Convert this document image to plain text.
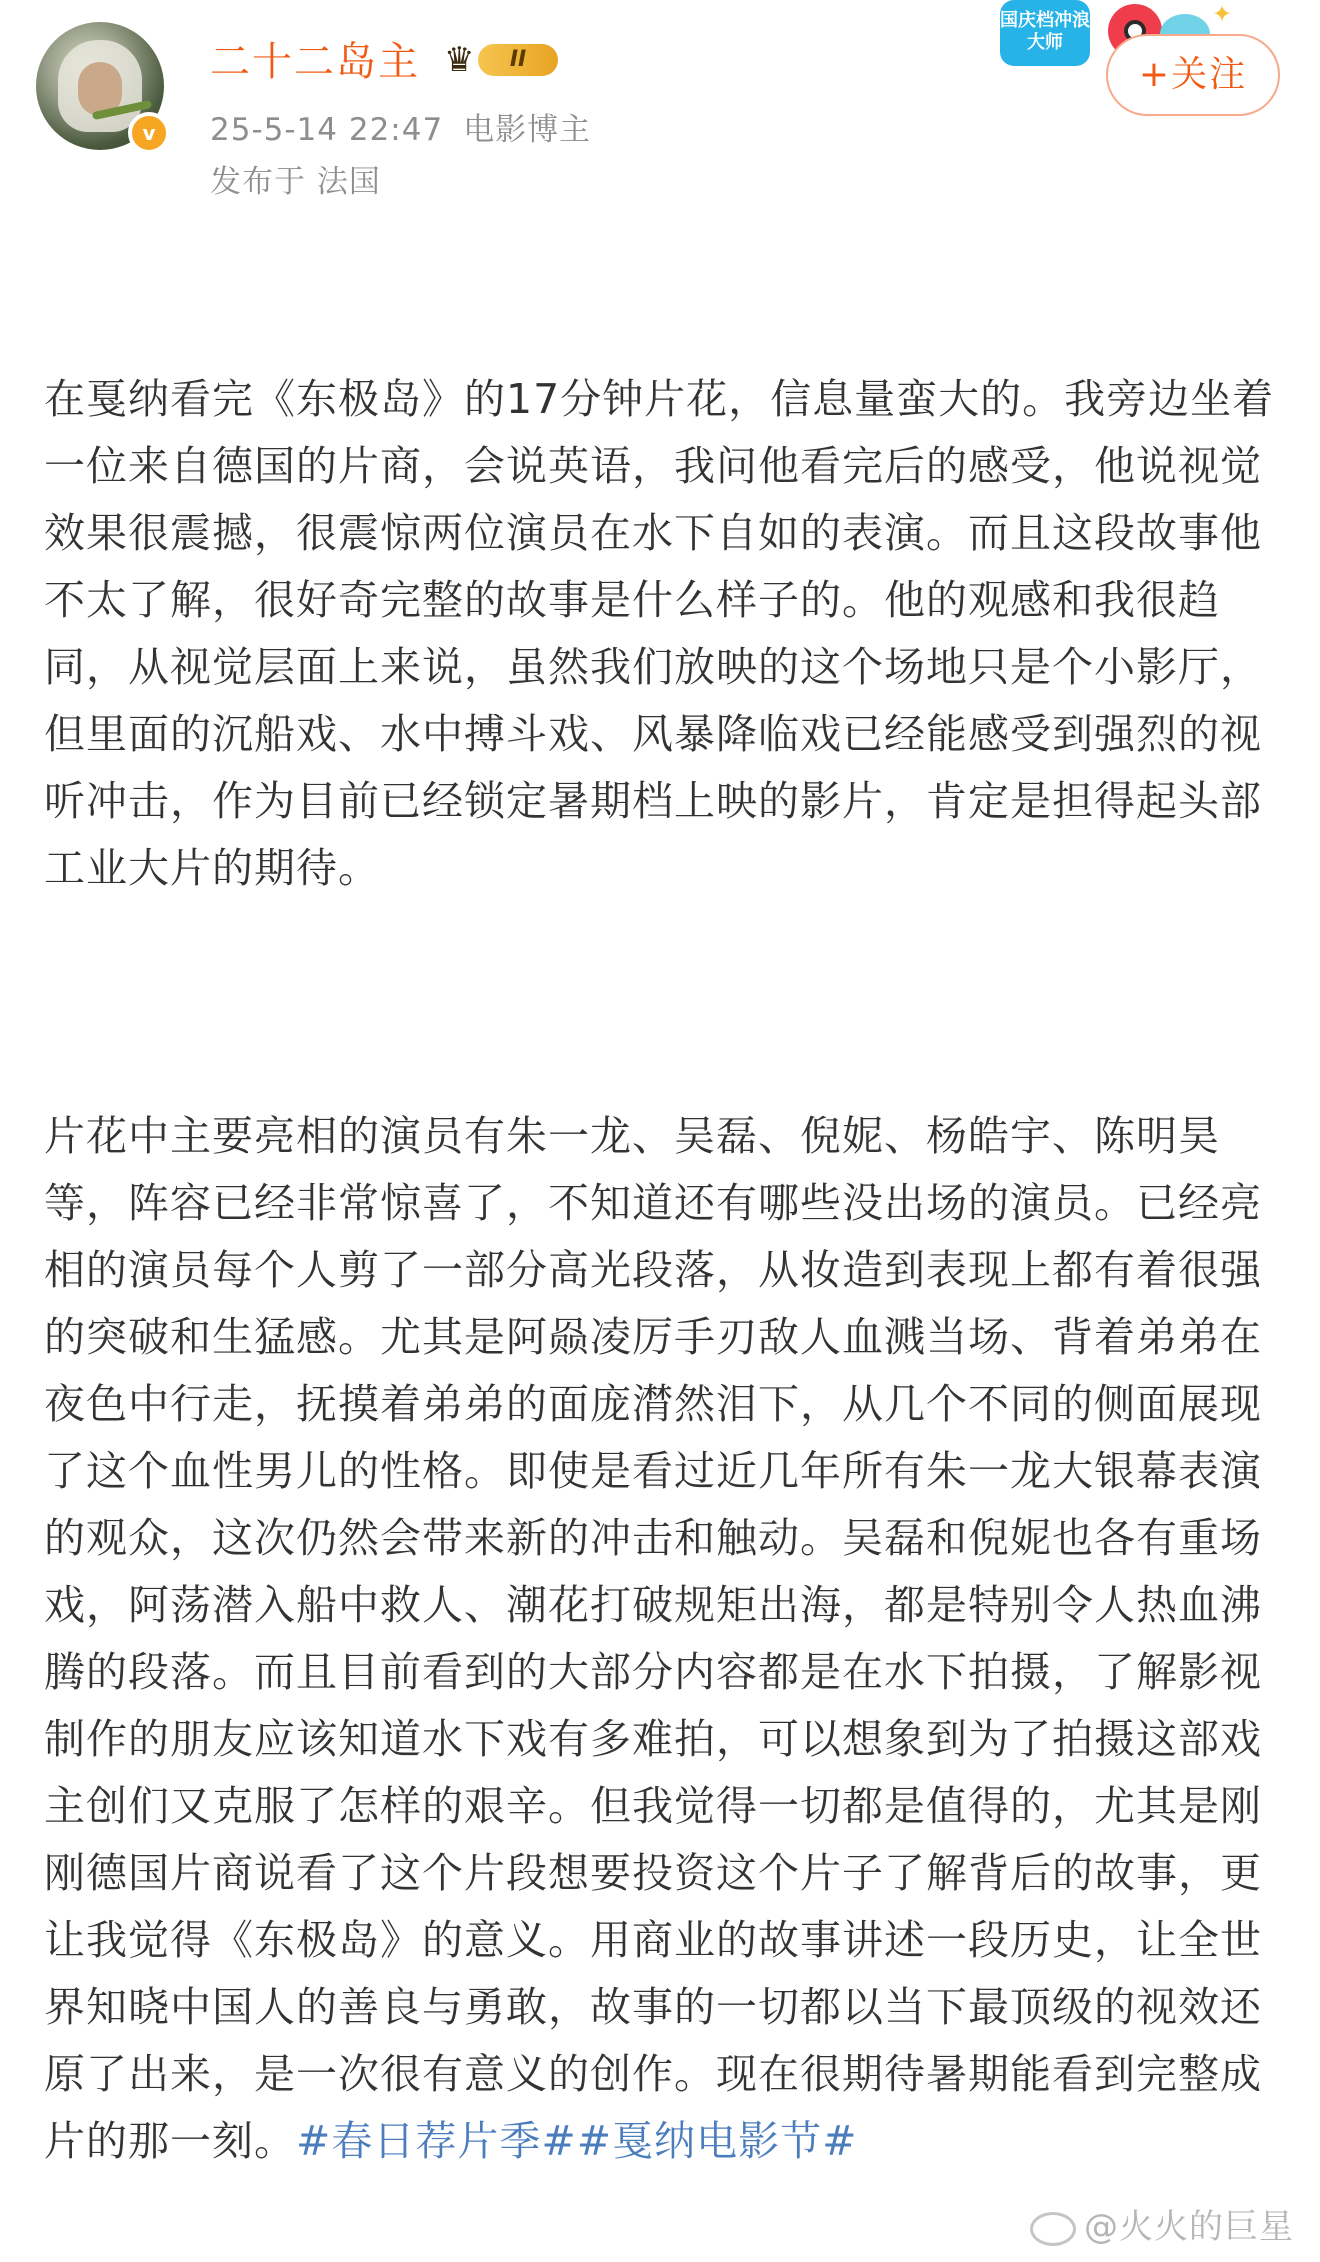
v
二十二岛主 ♛	II
25-5-14 22:47 电影博主
发布于 法国
国庆档冲浪大师
✦
+关注

在戛纳看完《东极岛》的17分钟片花，信息量蛮大的。我旁边坐着一位来自德国的片商，会说英语，我问他看完后的感受，他说视觉效果很震撼，很震惊两位演员在水下自如的表演。而且这段故事他不太了解，很好奇完整的故事是什么样子的。他的观感和我很趋同，从视觉层面上来说，虽然我们放映的这个场地只是个小影厅，但里面的沉船戏、水中搏斗戏、风暴降临戏已经能感受到强烈的视听冲击，作为目前已经锁定暑期档上映的影片，肯定是担得起头部工业大片的期待。

片花中主要亮相的演员有朱一龙、吴磊、倪妮、杨皓宇、陈明昊等，阵容已经非常惊喜了，不知道还有哪些没出场的演员。已经亮相的演员每个人剪了一部分高光段落，从妆造到表现上都有着很强的突破和生猛感。尤其是阿赑凌厉手刃敌人血溅当场、背着弟弟在夜色中行走，抚摸着弟弟的面庞潸然泪下，从几个不同的侧面展现了这个血性男儿的性格。即使是看过近几年所有朱一龙大银幕表演的观众，这次仍然会带来新的冲击和触动。吴磊和倪妮也各有重场戏，阿荡潜入船中救人、潮花打破规矩出海，都是特别令人热血沸腾的段落。而且目前看到的大部分内容都是在水下拍摄，了解影视制作的朋友应该知道水下戏有多难拍，可以想象到为了拍摄这部戏主创们又克服了怎样的艰辛。但我觉得一切都是值得的，尤其是刚刚德国片商说看了这个片段想要投资这个片子了解背后的故事，更让我觉得《东极岛》的意义。用商业的故事讲述一段历史，让全世界知晓中国人的善良与勇敢，故事的一切都以当下最顶级的视效还原了出来，是一次很有意义的创作。现在很期待暑期能看到完整成片的那一刻。#春日荐片季##戛纳电影节#

@火火的巨星
